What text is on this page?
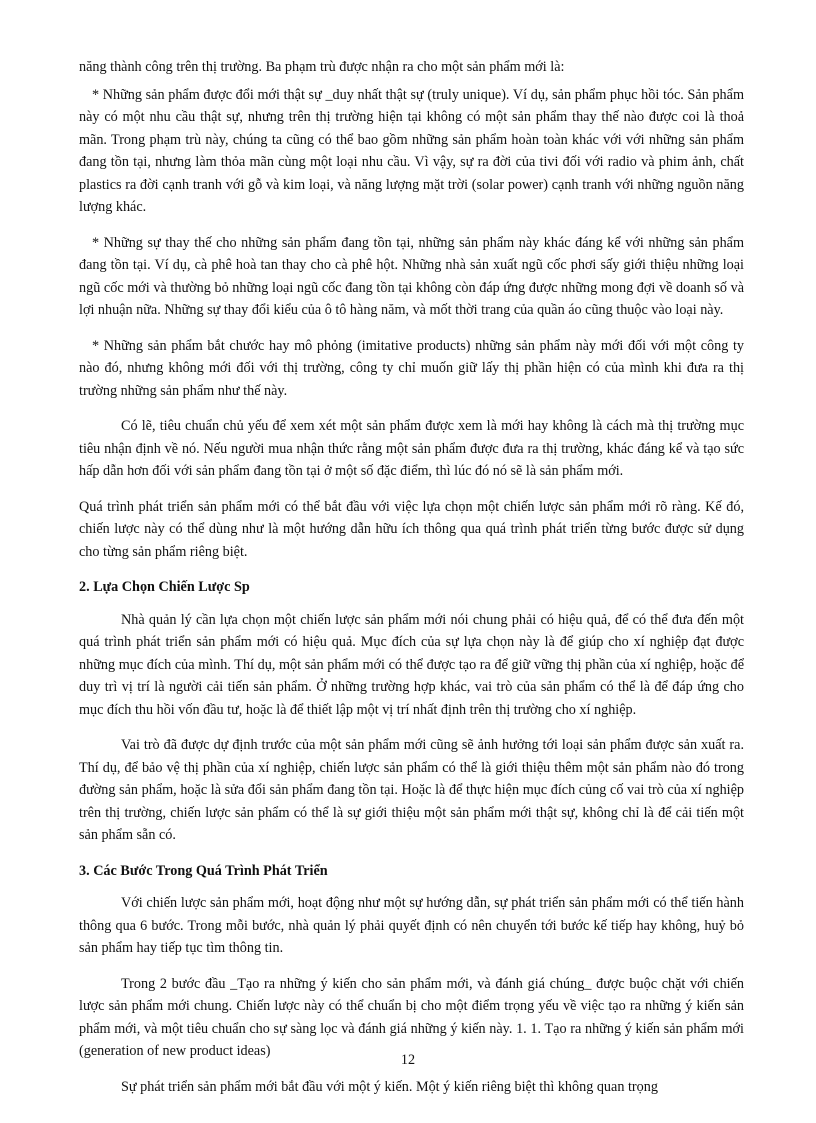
năng thành công trên thị trường. Ba phạm trù được nhận ra cho một sản phẩm mới là:

* Những sản phẩm được đổi mới thật sự _duy nhất thật sự (truly unique). Ví dụ, sản phẩm phục hồi tóc. Sản phẩm này có một nhu cầu thật sự, nhưng trên thị trường hiện tại không có một sản phẩm thay thế nào được coi là thoả mãn. Trong phạm trù này, chúng ta cũng có thể bao gồm những sản phẩm hoàn toàn khác với với những sản phẩm đang tồn tại, nhưng làm thỏa mãn cùng một loại nhu cầu. Vì vậy, sự ra đời của tivi đối với radio và phim ảnh, chất plastics ra đời cạnh tranh với gỗ và kim loại, và năng lượng mặt trời (solar power) cạnh tranh với những nguồn năng lượng khác.

* Những sự thay thế cho những sản phẩm đang tồn tại, những sản phẩm này khác đáng kể với những sản phẩm đang tồn tại. Ví dụ, cà phê hoà tan thay cho cà phê hột. Những nhà sản xuất ngũ cốc phơi sấy giới thiệu những loại ngũ cốc mới và thường bỏ những loại ngũ cốc đang tồn tại không còn đáp ứng được những mong đợi về doanh số và lợi nhuận nữa. Những sự thay đổi kiểu của ô tô hàng năm, và mốt thời trang của quần áo cũng thuộc vào loại này.

* Những sản phẩm bắt chước hay mô phỏng (imitative products) những sản phẩm này mới đối với một công ty nào đó, nhưng không mới đối với thị trường, công ty chỉ muốn giữ lấy thị phần hiện có của mình khi đưa ra thị trường những sản phẩm như thế này.

Có lẽ, tiêu chuẩn chủ yếu để xem xét một sản phẩm được xem là mới hay không là cách mà thị trường mục tiêu nhận định về nó. Nếu người mua nhận thức rằng một sản phẩm được đưa ra thị trường, khác đáng kể và tạo sức hấp dẫn hơn đối với sản phẩm đang tồn tại ở một số đặc điểm, thì lúc đó nó sẽ là sản phẩm mới.

Quá trình phát triển sản phẩm mới có thể bắt đầu với việc lựa chọn một chiến lược sản phẩm mới rõ ràng. Kế đó, chiến lược này có thể dùng như là một hướng dẫn hữu ích thông qua quá trình phát triển từng bước được sử dụng cho từng sản phẩm riêng biệt.

2. Lựa Chọn Chiến Lược Sp

Nhà quản lý cần lựa chọn một chiến lược sản phẩm mới nói chung phải có hiệu quả, để có thể đưa đến một quá trình phát triển sản phẩm mới có hiệu quả. Mục đích của sự lựa chọn này là để giúp cho xí nghiệp đạt được những mục đích của mình. Thí dụ, một sản phẩm mới có thể được tạo ra để giữ vững thị phần của xí nghiệp, hoặc để duy trì vị trí là người cải tiến sản phẩm. Ở những trường hợp khác, vai trò của sản phẩm có thể là để đáp ứng cho mục đích thu hồi vốn đầu tư, hoặc là để thiết lập một vị trí nhất định trên thị trường cho xí nghiệp.

Vai trò đã được dự định trước của một sản phẩm mới cũng sẽ ảnh hưởng tới loại sản phẩm được sản xuất ra. Thí dụ, để bảo vệ thị phần của xí nghiệp, chiến lược sản phẩm có thể là giới thiệu thêm một sản phẩm nào đó trong đường sản phẩm, hoặc là sửa đổi sản phẩm đang tồn tại. Hoặc là để thực hiện mục đích củng cố vai trò của xí nghiệp trên thị trường, chiến lược sản phẩm có thể là sự giới thiệu một sản phẩm mới thật sự, không chỉ là để cải tiến một sản phẩm sẵn có.

3. Các Bước Trong Quá Trình Phát Triển

Với chiến lược sản phẩm mới, hoạt động như một sự hướng dẫn, sự phát triển sản phẩm mới có thể tiến hành thông qua 6 bước. Trong mỗi bước, nhà quản lý phải quyết định có nên chuyển tới bước kế tiếp hay không, huỷ bỏ sản phẩm hay tiếp tục tìm thông tin.

Trong 2 bước đầu _Tạo ra những ý kiến cho sản phẩm mới, và đánh giá chúng_ được buộc chặt với chiến lược sản phẩm mới chung. Chiến lược này có thể chuẩn bị cho một điểm trọng yếu về việc tạo ra những ý kiến sản phẩm mới, và một tiêu chuẩn cho sự sàng lọc và đánh giá những ý kiến này. 1. 1. Tạo ra những ý kiến sản phẩm mới (generation of new product ideas)

Sự phát triển sản phẩm mới bắt đầu với một ý kiến. Một ý kiến riêng biệt thì không quan trọng

12
